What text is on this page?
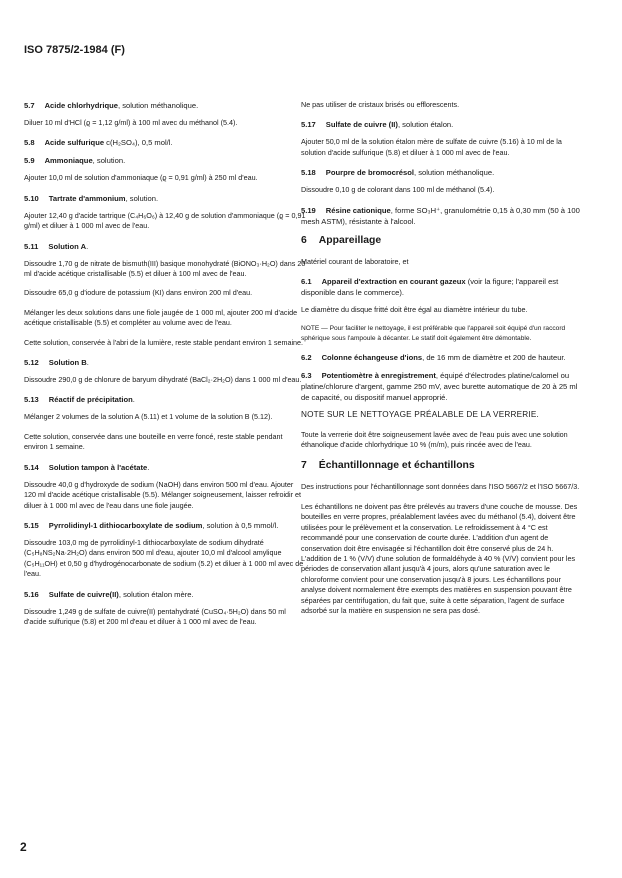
ISO 7875/2-1984 (F)
5.7 Acide chlorhydrique, solution méthanolique.

Diluer 10 ml d'HCl (ϱ = 1,12 g/ml) à 100 ml avec du méthanol (5.4).

5.8 Acide sulfurique c(H₂SO₄), 0,5 mol/l.
5.9 Ammoniaque, solution.

Ajouter 10,0 ml de solution d'ammoniaque (ϱ = 0,91 g/ml) à 250 ml d'eau.

5.10 Tartrate d'ammonium, solution.

Ajouter 12,40 g d'acide tartrique (C₄H₆O₆) à 12,40 g de solution d'ammoniaque (ϱ = 0,91 g/ml) et diluer à 1 000 ml avec de l'eau.

5.11 Solution A.

Dissoudre 1,70 g de nitrate de bismuth(III) basique monohydraté (BiONO₃·H₂O) dans 20 ml d'acide acétique cristallisable (5.5) et diluer à 100 ml avec de l'eau.

Dissoudre 65,0 g d'iodure de potassium (KI) dans environ 200 ml d'eau.

Mélanger les deux solutions dans une fiole jaugée de 1 000 ml, ajouter 200 ml d'acide acétique cristallisable (5.5) et compléter au volume avec de l'eau.

Cette solution, conservée à l'abri de la lumière, reste stable pendant environ 1 semaine.

5.12 Solution B.

Dissoudre 290,0 g de chlorure de baryum dihydraté (BaCl₂·2H₂O) dans 1 000 ml d'eau.

5.13 Réactif de précipitation.

Mélanger 2 volumes de la solution A (5.11) et 1 volume de la solution B (5.12).

Cette solution, conservée dans une bouteille en verre foncé, reste stable pendant environ 1 semaine.

5.14 Solution tampon à l'acétate.

Dissoudre 40,0 g d'hydroxyde de sodium (NaOH) dans environ 500 ml d'eau. Ajouter 120 ml d'acide acétique cristallisable (5.5). Mélanger soigneusement, laisser refroidir et diluer à 1 000 ml avec de l'eau dans une fiole jaugée.

5.15 Pyrrolidinyl-1 dithiocarboxylate de sodium, solution à 0,5 mmol/l.

Dissoudre 103,0 mg de pyrrolidinyl-1 dithiocarboxylate de sodium dihydraté (C₅H₈NS₂Na·2H₂O) dans environ 500 ml d'eau, ajouter 10,0 ml d'alcool amylique (C₅H₁₁OH) et 0,50 g d'hydrogénocarbonate de sodium (5.2) et diluer à 1 000 ml avec de l'eau.

5.16 Sulfate de cuivre(II), solution étalon mère.

Dissoudre 1,249 g de sulfate de cuivre(II) pentahydraté (CuSO₄·5H₂O) dans 50 ml d'acide sulfurique (5.8) et 200 ml d'eau et diluer à 1 000 ml avec de l'eau.

Ne pas utiliser de cristaux brisés ou efflorescents.

5.17 Sulfate de cuivre (II), solution étalon.

Ajouter 50,0 ml de la solution étalon mère de sulfate de cuivre (5.16) à 10 ml de la solution d'acide sulfurique (5.8) et diluer à 1 000 ml avec de l'eau.

5.18 Pourpre de bromocrésol, solution méthanolique.

Dissoudre 0,10 g de colorant dans 100 ml de méthanol (5.4).

5.19 Résine cationique, forme SO₃H⁺, granulométrie 0,15 à 0,30 mm (50 à 100 mesh ASTM), résistante à l'alcool.
6 Appareillage

Matériel courant de laboratoire, et

6.1 Appareil d'extraction en courant gazeux (voir la figure; l'appareil est disponible dans le commerce).

Le diamètre du disque fritté doit être égal au diamètre intérieur du tube.

NOTE — Pour faciliter le nettoyage, il est préférable que l'appareil soit équipé d'un raccord sphérique sous l'ampoule à décanter. Le statif doit également être démontable.

6.2 Colonne échangeuse d'ions, de 16 mm de diamètre et 200 de hauteur.
6.3 Potentiomètre à enregistrement, équipé d'électrodes platine/calomel ou platine/chlorure d'argent, gamme 250 mV, avec burette automatique de 20 à 25 ml de capacité, ou dispositif manuel approprié.

NOTE SUR LE NETTOYAGE PRÉALABLE DE LA VERRERIE.

Toute la verrerie doit être soigneusement lavée avec de l'eau puis avec une solution éthanolique d'acide chlorhydrique 10 % (m/m), puis rincée avec de l'eau.

7 Échantillonnage et échantillons

Des instructions pour l'échantillonnage sont données dans l'ISO 5667/2 et l'ISO 5667/3.

Les échantillons ne doivent pas être prélevés au travers d'une couche de mousse. Des bouteilles en verre propres, préalablement lavées avec du méthanol (5.4), doivent être utilisées pour le prélèvement et la conservation. Le refroidissement à 4 °C est recommandé pour une conservation de courte durée. L'addition d'un agent de conservation doit être envisagée si l'échantillon doit être conservé plus de 24 h. L'addition de 1 % (V/V) d'une solution de formaldéhyde à 40 % (V/V) convient pour les périodes de conservation allant jusqu'à 4 jours, alors qu'une saturation avec le chloroforme convient pour une conservation jusqu'à 8 jours. Les échantillons pour analyse doivent normalement être exempts des matières en suspension pouvant être séparées par centrifugation, du fait que, suite à cette séparation, l'agent de surface adsorbé sur la matière en suspension ne sera pas dosé.

2
